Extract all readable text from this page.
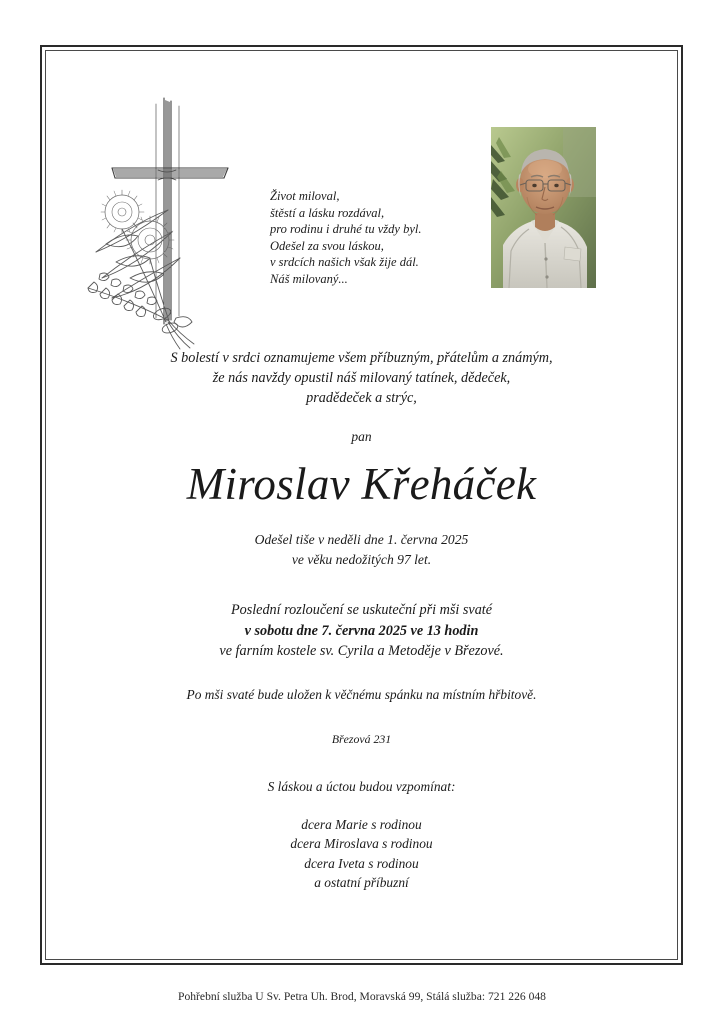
Život miloval,
štěstí a lásku rozdával,
pro rodinu i druhé tu vždy byl.
Odešel za svou láskou,
v srdcích našich však žije dál.
Náš milovaný...
S bolestí v srdci oznamujeme všem příbuzným, přátelům a známým,
že nás navždy opustil náš milovaný tatínek, dědeček,
pradědeček a strýc,
pan
Miroslav Křeháček
Odešel tiše v neděli dne 1. června 2025
ve věku nedožitých 97 let.
Poslední rozloučení se uskuteční při mši svaté
v sobotu dne 7. června 2025 ve 13 hodin
ve farním kostele sv. Cyrila a Metoděje v Březové.
Po mši svaté bude uložen k věčnému spánku na místním hřbitově.
Březová 231
S láskou a úctou budou vzpomínat:
dcera Marie s rodinou
dcera Miroslava s rodinou
dcera Iveta s rodinou
a ostatní příbuzní
Pohřební služba U Sv. Petra Uh. Brod, Moravská 99, Stálá služba: 721 226 048
